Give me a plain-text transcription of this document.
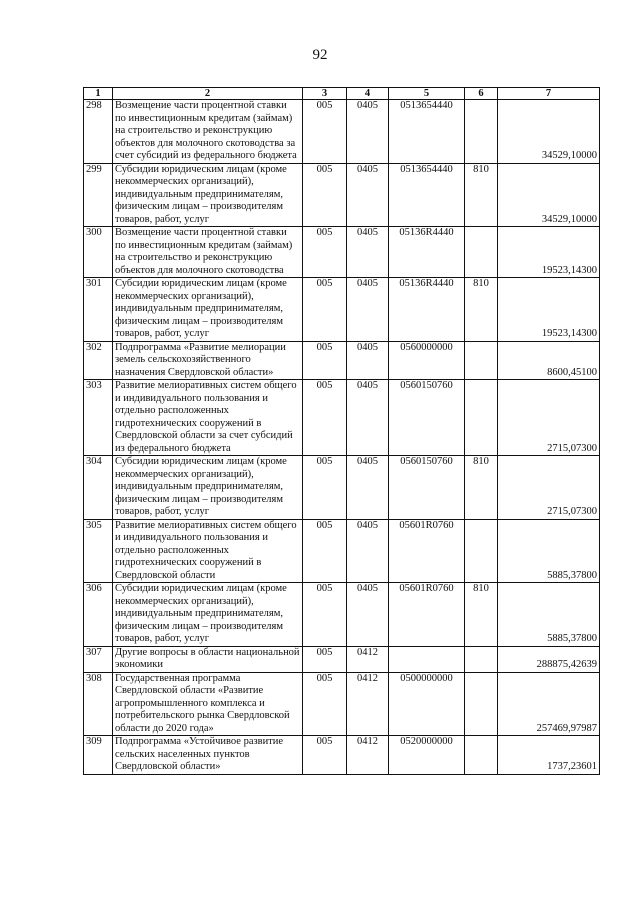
92
1	2	3	4	5	6	7
298	Возмещение части процентной ставки по инвестиционным кредитам (займам) на строительство и реконструкцию объектов для молочного скотоводства за счет субсидий из федерального бюджета	005	0405	0513654440		34529,10000
299	Субсидии юридическим лицам (кроме некоммерческих организаций), индивидуальным предпринимателям, физическим лицам – производителям товаров, работ, услуг	005	0405	0513654440	810	34529,10000
300	Возмещение части процентной ставки по инвестиционным кредитам (займам) на строительство и реконструкцию объектов для молочного скотоводства	005	0405	05136R4440		19523,14300
301	Субсидии юридическим лицам (кроме некоммерческих организаций), индивидуальным предпринимателям, физическим лицам – производителям товаров, работ, услуг	005	0405	05136R4440	810	19523,14300
302	Подпрограмма «Развитие мелиорации земель сельскохозяйственного назначения Свердловской области»	005	0405	0560000000		8600,45100
303	Развитие мелиоративных систем общего и индивидуального пользования и отдельно расположенных гидротехнических сооружений в Свердловской области за счет субсидий из федерального бюджета	005	0405	0560150760		2715,07300
304	Субсидии юридическим лицам (кроме некоммерческих организаций), индивидуальным предпринимателям, физическим лицам – производителям товаров, работ, услуг	005	0405	0560150760	810	2715,07300
305	Развитие мелиоративных систем общего и индивидуального пользования и отдельно расположенных гидротехнических сооружений в Свердловской области	005	0405	05601R0760		5885,37800
306	Субсидии юридическим лицам (кроме некоммерческих организаций), индивидуальным предпринимателям, физическим лицам – производителям товаров, работ, услуг	005	0405	05601R0760	810	5885,37800
307	Другие вопросы в области национальной экономики	005	0412			288875,42639
308	Государственная программа Свердловской области «Развитие агропромышленного комплекса и потребительского рынка Свердловской области до 2020 года»	005	0412	0500000000		257469,97987
309	Подпрограмма «Устойчивое развитие сельских населенных пунктов Свердловской области»	005	0412	0520000000		1737,23601
